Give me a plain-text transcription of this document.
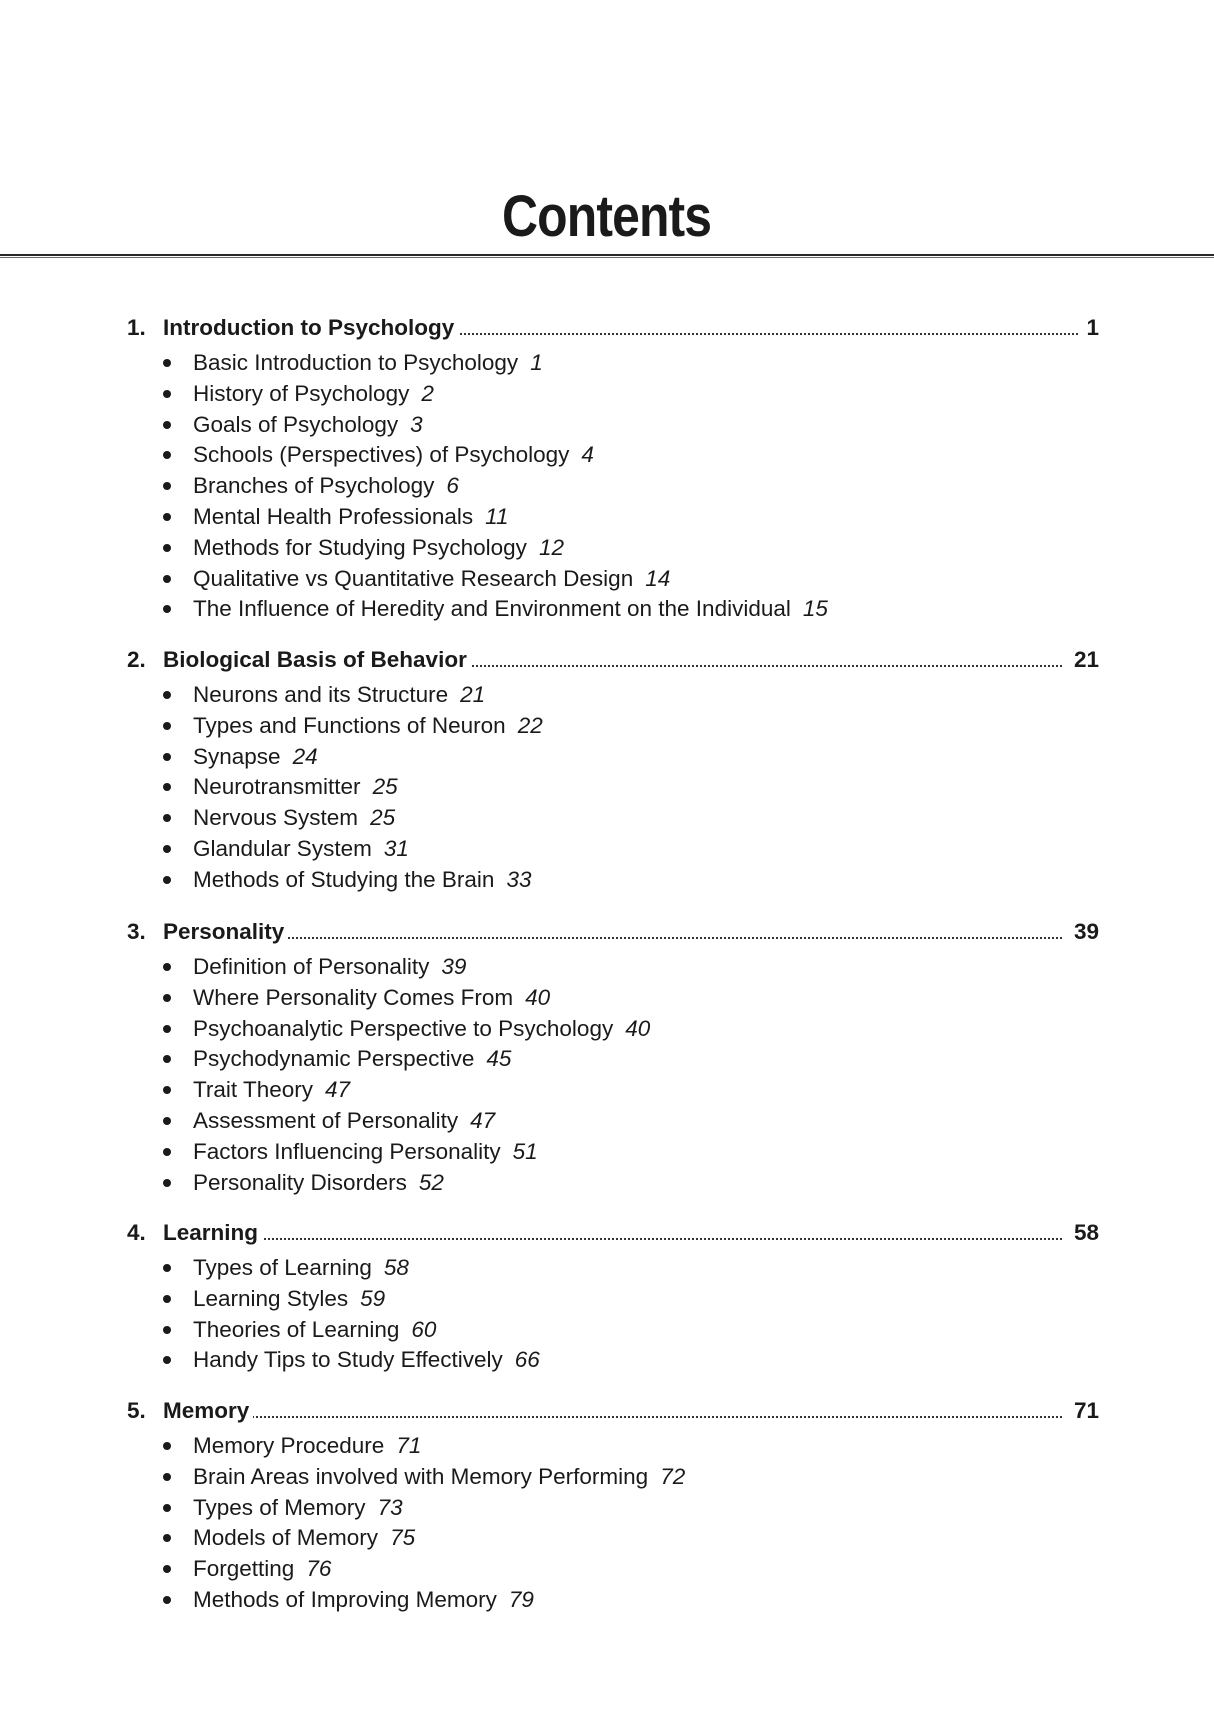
Contents
1. Introduction to Psychology	1
Basic Introduction to Psychology 1
History of Psychology 2
Goals of Psychology 3
Schools (Perspectives) of Psychology 4
Branches of Psychology 6
Mental Health Professionals 11
Methods for Studying Psychology 12
Qualitative vs Quantitative Research Design 14
The Influence of Heredity and Environment on the Individual 15
2. Biological Basis of Behavior	21
Neurons and its Structure 21
Types and Functions of Neuron 22
Synapse 24
Neurotransmitter 25
Nervous System 25
Glandular System 31
Methods of Studying the Brain 33
3. Personality	39
Definition of Personality 39
Where Personality Comes From 40
Psychoanalytic Perspective to Psychology 40
Psychodynamic Perspective 45
Trait Theory 47
Assessment of Personality 47
Factors Influencing Personality 51
Personality Disorders 52
4. Learning	58
Types of Learning 58
Learning Styles 59
Theories of Learning 60
Handy Tips to Study Effectively 66
5. Memory	71
Memory Procedure 71
Brain Areas involved with Memory Performing 72
Types of Memory 73
Models of Memory 75
Forgetting 76
Methods of Improving Memory 79
